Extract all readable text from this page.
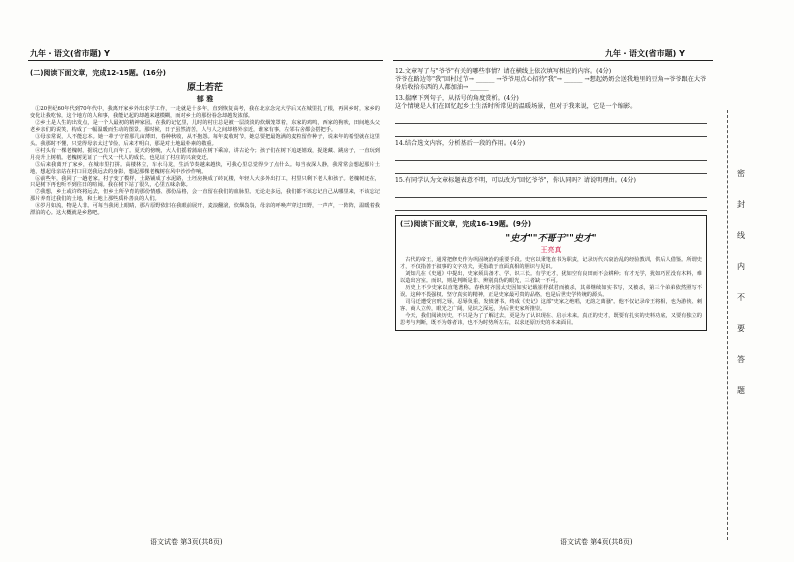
九年・语文(省市题) Y	九年・语文(省市题) Y
(二)阅读下面文章，完成12-15题。(16分)
原土若茫
郁 雅

①20世纪60年代到70年代中，我离开家乡外出求学工作，一走就是十多年，直到恢复高考，我在北京念完大学后又在城里扎了根，再回乡时，家乡的变化让我吃惊，这个地方的人和事，我能记起的却越来越模糊，而对乡土的那份眷念却越发浓郁。

②乡土是人生的出发点，是一个人最初的精神家园。在我的记忆里，儿时的村庄总是被一层淡淡的炊烟笼罩着，东家的鸡鸣，西家的狗吠，田间地头父老乡亲们的说笑，构成了一幅温暖而生动的图景。那时候，日子虽然清苦，人与人之间却格外亲近，谁家有事，左邻右舍都会搭把手。

③母亲常说，人不能忘本。她一辈子守着那几亩薄田，春种秋收，从不抱怨。每年麦收时节，她总要把最饱满的麦粒留作种子，说来年的希望就在这里头。我那时不懂，只觉得母亲太过节俭，后来才明白，那是对土地最朴素的敬重。

④村头有一棵老槐树，据说已有几百年了。夏天的傍晚，大人们摇着蒲扇在树下乘凉，讲古论今；孩子们在树下追逐嬉戏，捉迷藏、跳房子，一直玩到月亮升上树梢。老槐树见证了一代又一代人的成长，也见证了村庄的兴衰变迁。

⑤后来我离开了家乡，在城市里打拼。高楼林立，车水马龙，生活节奏越来越快，可我心里总觉得少了点什么。每当夜深人静，我常常会想起那片土地，想起母亲站在村口目送我远去的身影，想起那棵老槐树在风中沙沙作响。

⑥前些年，我回了一趟老家。村子变了模样，土路铺成了水泥路，土坯房换成了砖瓦楼，年轻人大多外出打工，村里只剩下老人和孩子。老槐树还在，只是树下再也听不到往日的喧闹。我在树下站了很久，心里五味杂陈。

⑦我想，乡土或许终将远去，但乡土所孕育的那份情感、那份品格，会一直留在我们的血脉里。无论走多远，我们都不该忘记自己从哪里来，不该忘记那片养育过我们的土地，和土地上那些质朴善良的人们。

⑧岁月如流，物是人非。可每当我闭上眼睛，那片原野依旧在我眼前展开，麦浪翻滚，炊烟袅袅，母亲的呼唤声穿过田野，一声声，一阵阵，温暖着我漂泊的心。这大概就是乡愁吧。

12.文章写了与"爷爷"有关的哪些事情？请在横线上依次填写相应的内容。(4分)
爷爷在路边等"我"回村过节→ ______ →爷爷用点心招待"我"→ ______ →想起奶奶会送我地里的豆角→爷爷跟在大爷身后收拾东西的人都加油→ ______
13.揣摩下列句子，从括号的角度赏析。(4分)
这个情境是人们在回忆起乡土生活时所常见的温暖场景，但对于我来说，它是一个缩影。
14.结合选文内容，分析基后一段的作用。(4分)
15.有同学认为文章标题表意不明，可以改为"回忆爷爷"，你认同吗？请说明理由。(4分)
(三)阅读下面文章，完成16-19题。(9分)
"史才""不哥于""史才"
王亮真

古代的帝王，通常把修史作为巩固统治的重要手段。史官以秉笔直书为职责，记录历代兴衰治乱的经验教训，供后人借鉴。所谓史才，不仅指善于叙事的文字功夫，更指敢于直面真相的胆识与见识。

刘知几在《史通》中提出，史家须具备才、学、识三长。有学无才，犹如空有良田而不会耕种；有才无学，犹如巧匠没有木料，难以造出宫室。而识，则是判断是非、辨别真伪的眼光，三者缺一不可。

历史上不少史家以直笔著称。春秋时齐国太史因如实记载崔杼弑君而被杀，其弟继续如实书写，又被杀，第三个弟弟依然照写不误。这种不畏强权、坚守真实的精神，正是史家最可贵的品格，也是后世史学传统的源头。

司马迁遭受宫刑之辱，忍辱负重，发愤著书，终成《史记》这部"史家之绝唱，无韵之离骚"。他不仅记录帝王将相，也为游侠、刺客、商人立传，眼光之广阔，见识之深远，为后世史家所推崇。

今天，我们阅读历史，不只是为了了解过去，更是为了认识现在、启示未来。真正的史才，既要有扎实的史料功底，又要有独立的思考与判断，既不为尊者讳，也不为时势所左右，以求还原历史的本来面目。

密
封
线
内
不
要
答
题
语文试卷 第3页(共8页)	语文试卷 第4页(共8页)
